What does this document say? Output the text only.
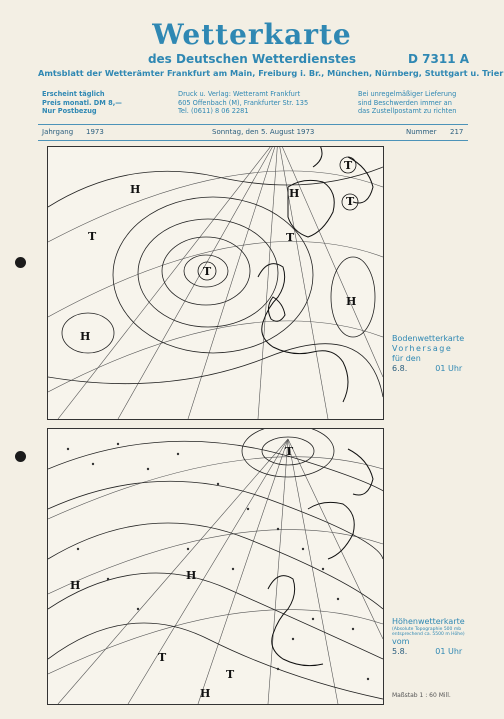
Wetterkarte
des Deutschen Wetterdienstes	D 7311 A
Amtsblatt der Wetterämter Frankfurt am Main, Freiburg i. Br., München, Nürnberg, Stuttgart u. Trier
Erscheint täglich
Preis monatl. DM 8,—
Nur Postbezug
Druck u. Verlag: Wetteramt Frankfurt
605 Offenbach (M), Frankfurter Str. 135
Tel. (0611) 8 06 2281
Bei unregelmäßiger Lieferung
sind Beschwerden immer an
das Zustellpostamt zu richten
Jahrgang 1973	Sonntag, den 5. August 1973	Nummer 217
H
T
T
H
T
H
H
T
T
Bodenwetterkarte
Vorhersage
für den
6.8.	01 Uhr
T
H
H
T
T
H
Höhenwetterkarte
(Absolute Topographie 500 mb
entsprechend ca. 5500 m Höhe)
vom
5.8.	01 Uhr
Maßstab 1 : 60 Mill.
